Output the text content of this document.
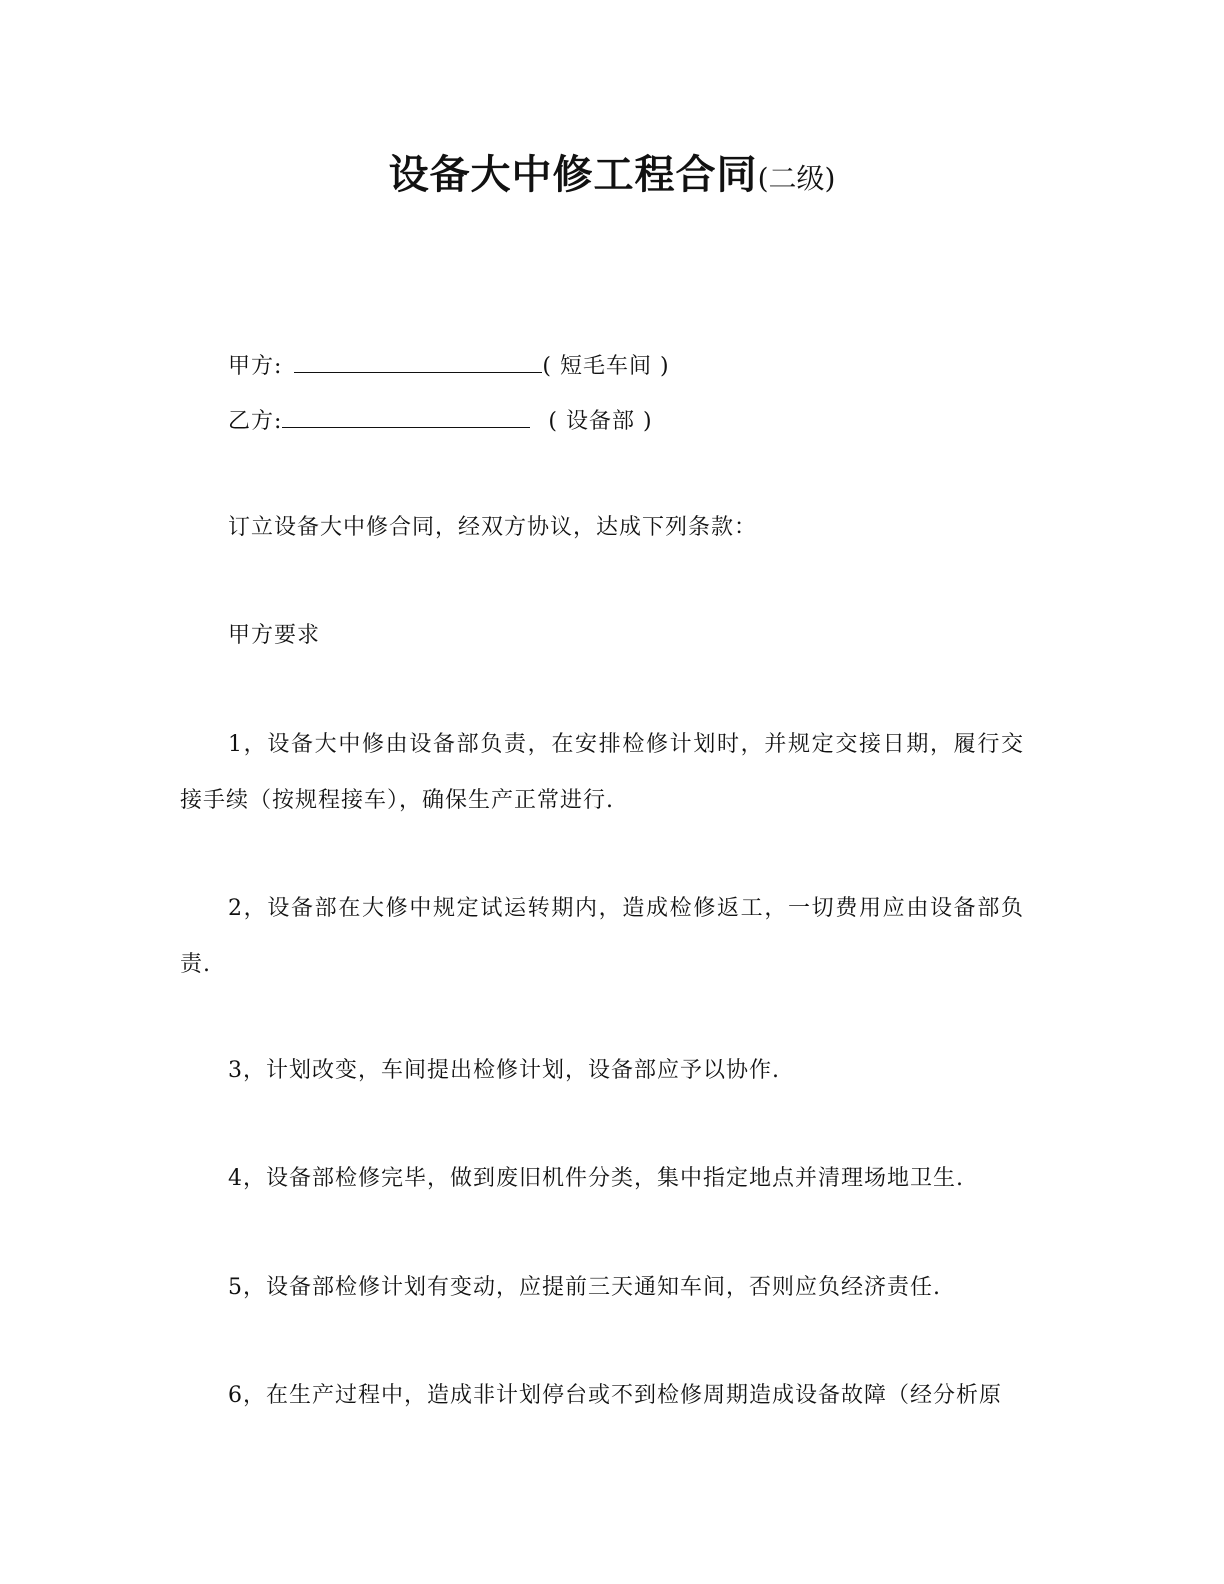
设备大中修工程合同(二级)
甲方:	( 短毛车间 )
乙方:	( 设备部 )
订立设备大中修合同，经双方协议，达成下列条款：
甲方要求
1，设备大中修由设备部负责，在安排检修计划时，并规定交接日期，履行交接手续（按规程接车），确保生产正常进行.
2，设备部在大修中规定试运转期内，造成检修返工，一切费用应由设备部负责.
3，计划改变，车间提出检修计划，设备部应予以协作.
4，设备部检修完毕，做到废旧机件分类，集中指定地点并清理场地卫生.
5，设备部检修计划有变动，应提前三天通知车间，否则应负经济责任.
6，在生产过程中，造成非计划停台或不到检修周期造成设备故障（经分析原
